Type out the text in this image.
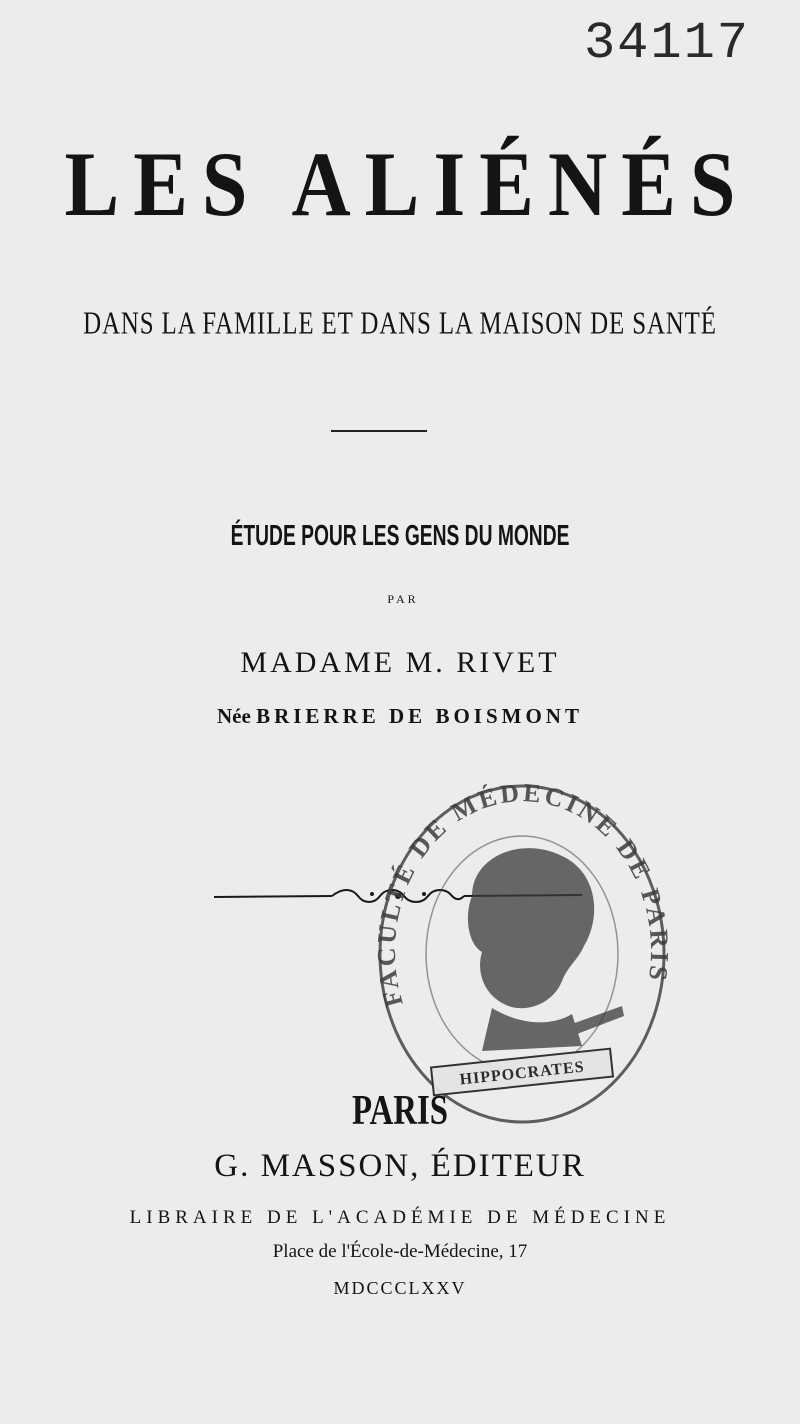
34117
LES ALIÉNÉS
DANS LA FAMILLE ET DANS LA MAISON DE SANTÉ
ÉTUDE POUR LES GENS DU MONDE
PAR
MADAME M. RIVET
Née BRIERRE DE BOISMONT
FACULTÉ DE MÉDECINE DE PARIS
HIPPOCRATES
PARIS
G. MASSON, ÉDITEUR
LIBRAIRE DE L'ACADÉMIE DE MÉDECINE
Place de l'École-de-Médecine, 17
MDCCCLXXV
